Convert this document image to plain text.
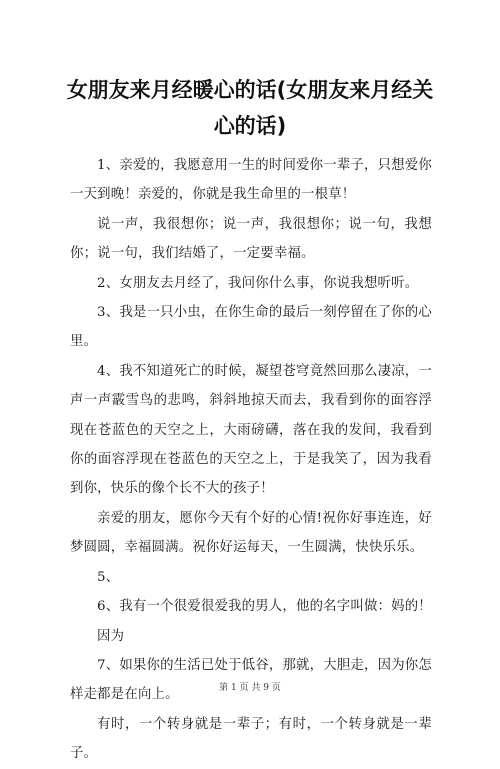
女朋友来月经暖心的话(女朋友来月经关心的话)

1、亲爱的，我愿意用一生的时间爱你一辈子，只想爱你一天到晚！亲爱的，你就是我生命里的一根草！

说一声，我很想你；说一声，我很想你；说一句，我想你；说一句，我们结婚了，一定要幸福。

2、女朋友去月经了，我问你什么事，你说我想听听。

3、我是一只小虫，在你生命的最后一刻停留在了你的心里。

4、我不知道死亡的时候，凝望苍穹竟然回那么凄凉，一声一声霰雪鸟的悲鸣，斜斜地掠天而去，我看到你的面容浮现在苍蓝色的天空之上，大雨磅礴，落在我的发间，我看到你的面容浮现在苍蓝色的天空之上，于是我笑了，因为我看到你，快乐的像个长不大的孩子！

亲爱的朋友，愿你今天有个好的心情!祝你好事连连，好梦圆圆，幸福圆满。祝你好运每天，一生圆满，快快乐乐。

5、

6、我有一个很爱很爱我的男人，他的名字叫做：妈的！

因为

7、如果你的生活已处于低谷，那就，大胆走，因为你怎样走都是在向上。

有时，一个转身就是一辈子；有时，一个转身就是一辈子。

第 1 页 共 9 页
